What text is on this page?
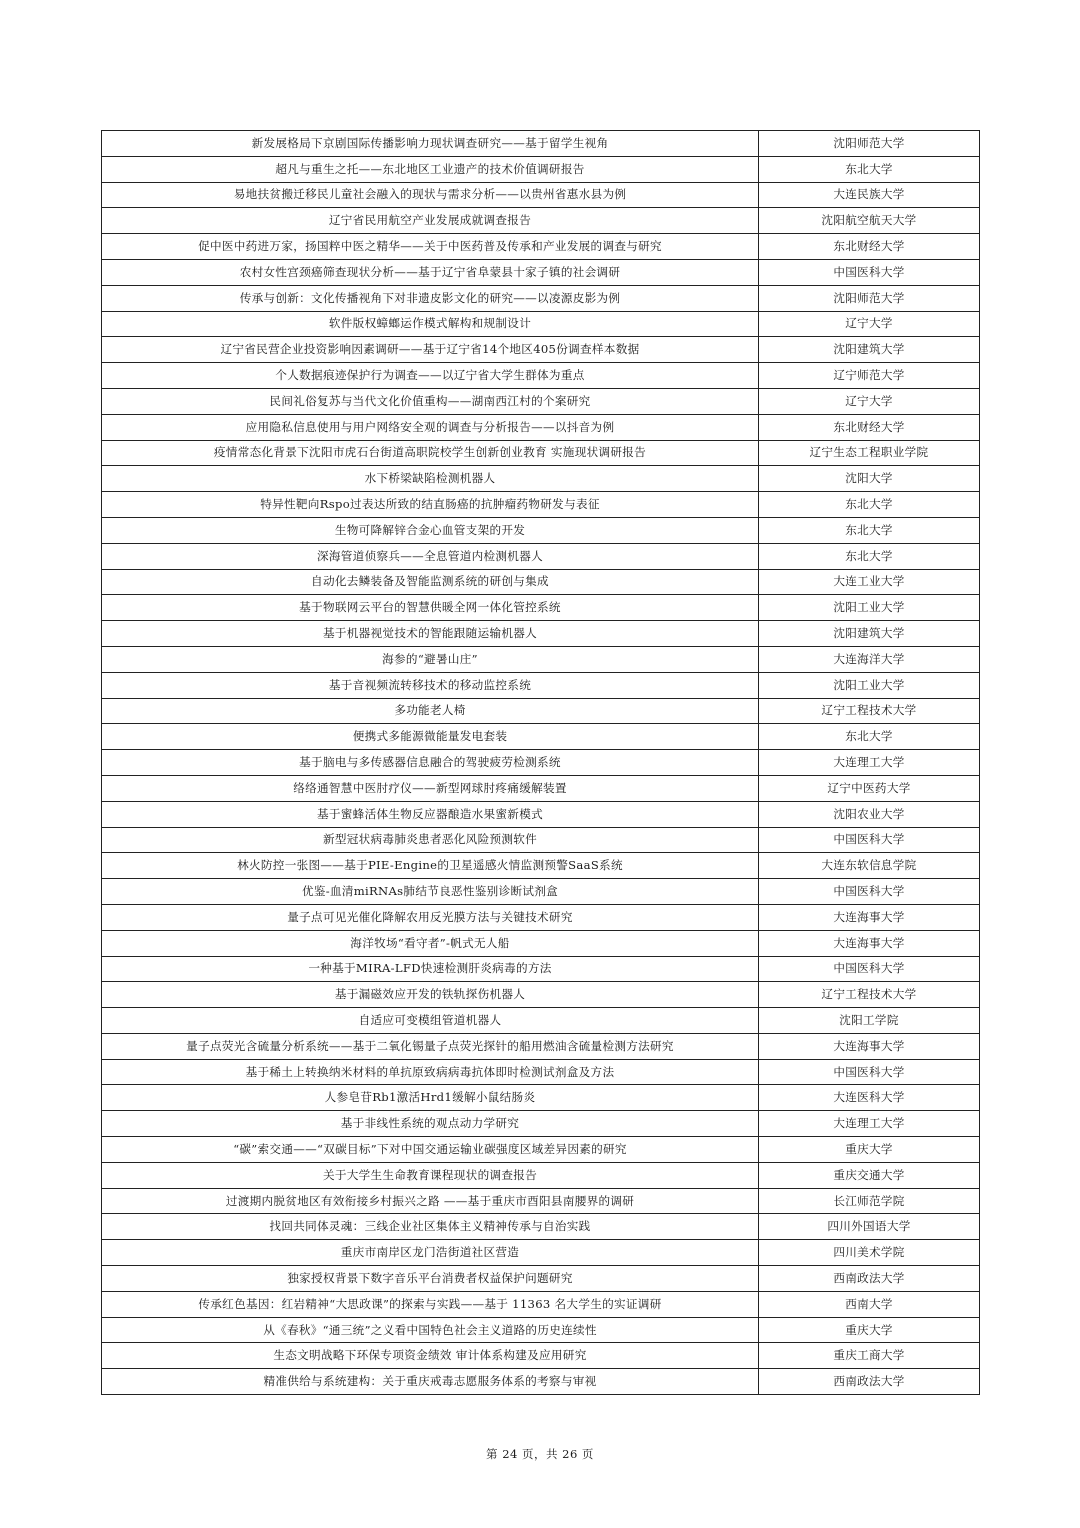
新发展格局下京剧国际传播影响力现状调查研究——基于留学生视角	沈阳师范大学
超凡与重生之托——东北地区工业遗产的技术价值调研报告	东北大学
易地扶贫搬迁移民儿童社会融入的现状与需求分析——以贵州省惠水县为例	大连民族大学
辽宁省民用航空产业发展成就调查报告	沈阳航空航天大学
促中医中药进万家，扬国粹中医之精华——关于中医药普及传承和产业发展的调查与研究	东北财经大学
农村女性宫颈癌筛查现状分析——基于辽宁省阜蒙县十家子镇的社会调研	中国医科大学
传承与创新：文化传播视角下对非遗皮影文化的研究——以凌源皮影为例	沈阳师范大学
软件版权蟑螂运作模式解构和规制设计	辽宁大学
辽宁省民营企业投资影响因素调研——基于辽宁省14个地区405份调查样本数据	沈阳建筑大学
个人数据痕迹保护行为调查——以辽宁省大学生群体为重点	辽宁师范大学
民间礼俗复苏与当代文化价值重构——湖南西江村的个案研究	辽宁大学
应用隐私信息使用与用户网络安全观的调查与分析报告——以抖音为例	东北财经大学
疫情常态化背景下沈阳市虎石台街道高职院校学生创新创业教育 实施现状调研报告	辽宁生态工程职业学院
水下桥梁缺陷检测机器人	沈阳大学
特异性靶向Rspo过表达所致的结直肠癌的抗肿瘤药物研发与表征	东北大学
生物可降解锌合金心血管支架的开发	东北大学
深海管道侦察兵——全息管道内检测机器人	东北大学
自动化去鳞装备及智能监测系统的研创与集成	大连工业大学
基于物联网云平台的智慧供暖全网一体化管控系统	沈阳工业大学
基于机器视觉技术的智能跟随运输机器人	沈阳建筑大学
海参的“避暑山庄”	大连海洋大学
基于音视频流转移技术的移动监控系统	沈阳工业大学
多功能老人椅	辽宁工程技术大学
便携式多能源微能量发电套装	东北大学
基于脑电与多传感器信息融合的驾驶疲劳检测系统	大连理工大学
络络通智慧中医肘疗仪——新型网球肘疼痛缓解装置	辽宁中医药大学
基于蜜蜂活体生物反应器酿造水果蜜新模式	沈阳农业大学
新型冠状病毒肺炎患者恶化风险预测软件	中国医科大学
林火防控一张图——基于PIE-Engine的卫星遥感火情监测预警SaaS系统	大连东软信息学院
优鉴-血清miRNAs肺结节良恶性鉴别诊断试剂盒	中国医科大学
量子点可见光催化降解农用反光膜方法与关键技术研究	大连海事大学
海洋牧场“看守者”-帆式无人船	大连海事大学
一种基于MIRA-LFD快速检测肝炎病毒的方法	中国医科大学
基于漏磁效应开发的铁轨探伤机器人	辽宁工程技术大学
自适应可变模组管道机器人	沈阳工学院
量子点荧光含硫量分析系统——基于二氧化锡量子点荧光探针的船用燃油含硫量检测方法研究	大连海事大学
基于稀土上转换纳米材料的单抗原致病病毒抗体即时检测试剂盒及方法	中国医科大学
人参皂苷Rb1激活Hrd1缓解小鼠结肠炎	大连医科大学
基于非线性系统的观点动力学研究	大连理工大学
“碳”索交通——“双碳目标”下对中国交通运输业碳强度区域差异因素的研究	重庆大学
关于大学生生命教育课程现状的调查报告	重庆交通大学
过渡期内脱贫地区有效衔接乡村振兴之路 ——基于重庆市酉阳县南腰界的调研	长江师范学院
找回共同体灵魂：三线企业社区集体主义精神传承与自治实践	四川外国语大学
重庆市南岸区龙门浩街道社区营造	四川美术学院
独家授权背景下数字音乐平台消费者权益保护问题研究	西南政法大学
传承红色基因：红岩精神“大思政课”的探索与实践——基于 11363 名大学生的实证调研	西南大学
从《春秋》“通三统”之义看中国特色社会主义道路的历史连续性	重庆大学
生态文明战略下环保专项资金绩效 审计体系构建及应用研究	重庆工商大学
精准供给与系统建构：关于重庆戒毒志愿服务体系的考察与审视	西南政法大学
第 24 页，共 26 页
